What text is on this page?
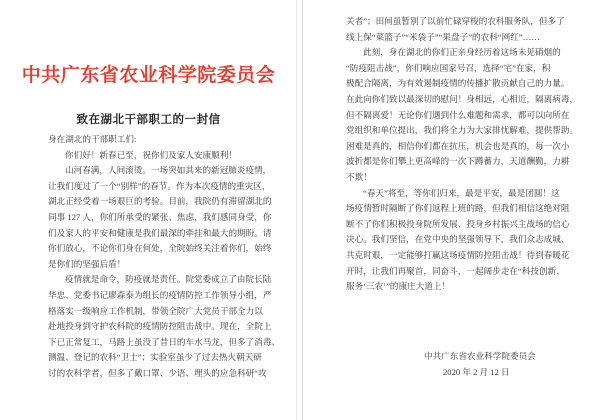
中共广东省农业科学院委员会
致在湖北干部职工的一封信
身在湖北的干部职工们:
你们好！新春已至，祝你们及家人安康顺利！
山河春满，人间滚烫。一场突如其来的新冠肺炎疫情，
让我们度过了一个“别样”的春节。作为本次疫情的重灾区，
湖北正经受着一场艰巨的考验。目前，我院仍有滞留湖北的
同事 127 人，你们所承受的紧张、焦虑，我们感同身受，你
们及家人的平安和健康是我们最深的牵挂和最大的期盼。请
你们放心，不论你们身在何处，全院始终关注着你们，始终
是你们的坚强后盾！
疫情就是命令，防疫就是责任。院党委成立了由院长陆
华忠、党委书记廖森泰为组长的疫情防控工作领导小组，严
格落实一级响应工作机制，带领全院广大党员干部全力以
赴地投身到守护农科院的疫情防控阻击战中。现在，全院上
下已正常复工，马路上虽没了昔日的车水马龙，但多了消毒、
测温、登记的农科“卫士”；实验室虽少了过去热火朝天研
讨的农科学者，但多了戴口罩、少语、埋头的应急科研“攻
关者”；田间虽暂别了以前忙碌穿梭的农科服务队，但多了
线上保“菜篮子”“米袋子”“果盘子”的农科“网红”……
此刻，身在湖北的你们正亲身经历着这场未见硝烟的
“防疫阻击战”，你们响应国家号召，选择“宅”在家，积
极配合隔离，为有效遏制疫情的传播扩散贡献自己的力量。
在此向你们致以最深切的慰问！身相远，心相近，隔离病毒，
但不隔离爱！无论你们遇到什么难题和需求，都可以向所在
党组织和单位提出，我们将全力为大家排忧解难，提供帮助。
困难是真的，相信你们都在抗压，机会也是真的，每一次小
波折都是你们攀上更高峰的一次下蹲蓄力，天道酬勤，力耕
不欺！
“春天”将至，等你们归来，最是平安，最是团圆！这
场疫情暂时隔断了你们返程上班的路，但我们相信这绝对阻
断不了你们积极投身院所发展、投身乡村振兴主战场的信心
决心。我们坚信，在党中央的坚强领导下，我们众志成城、
共克时艰，一定能够打赢这场疫情防控阻击战！待到春暖花
开时，让我们再聚首，同奋斗，一起阔步走在“科技创新、
服务‘三农’”的康庄大道上！
中共广东省农业科学院委员会
2020 年 2 月 12 日
